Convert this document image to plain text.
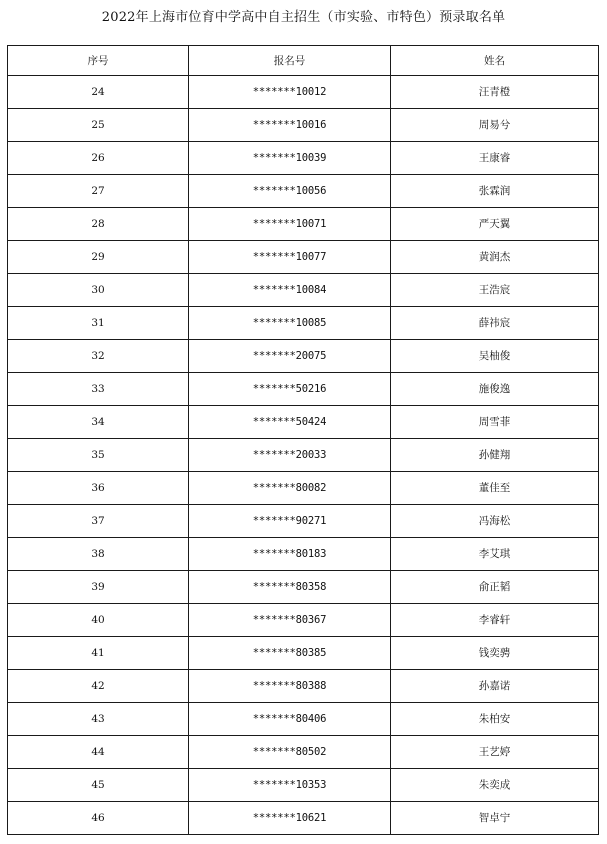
2022年上海市位育中学高中自主招生（市实验、市特色）预录取名单
序号	报名号	姓名
24	*******10012	汪青橙
25	*******10016	周易兮
26	*******10039	王康睿
27	*******10056	张霖润
28	*******10071	严天翼
29	*******10077	黄润杰
30	*******10084	王浩宸
31	*******10085	薛祎宸
32	*******20075	吴柚俊
33	*******50216	施俊逸
34	*******50424	周雪菲
35	*******20033	孙健翔
36	*******80082	董佳至
37	*******90271	冯海松
38	*******80183	李艾琪
39	*******80358	俞正韬
40	*******80367	李睿轩
41	*******80385	钱奕骋
42	*******80388	孙嘉诺
43	*******80406	朱柏安
44	*******80502	王艺婷
45	*******10353	朱奕成
46	*******10621	智卓宁
